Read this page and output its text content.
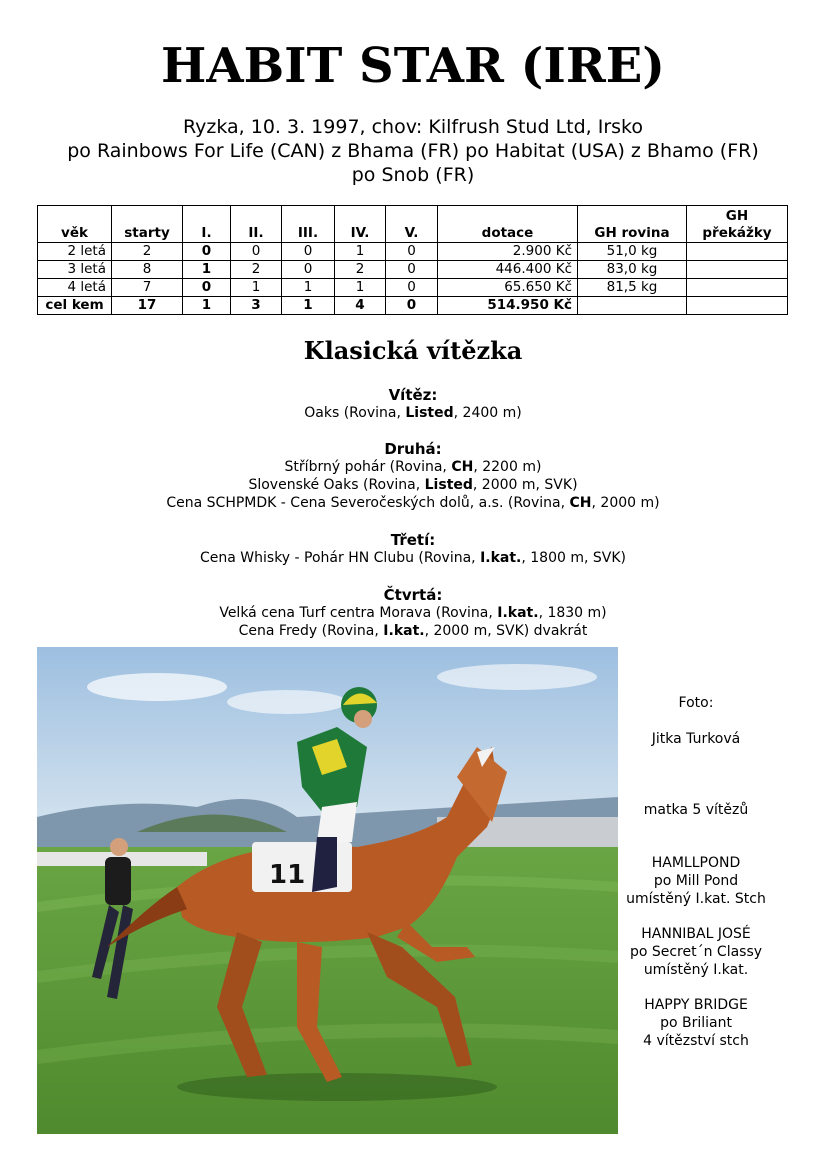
HABIT STAR (IRE)
Ryzka, 10. 3. 1997, chov: Kilfrush Stud Ltd, Irsko
po Rainbows For Life (CAN) z Bhama (FR) po Habitat (USA) z Bhamo (FR)
po Snob (FR)
věk	starty	I.	II.	III.	IV.	V.	dotace	GH rovina	GH překážky
2 letá	2	0	0	0	1	0	2.900 Kč	51,0 kg	
3 letá	8	1	2	0	2	0	446.400 Kč	83,0 kg	
4 letá	7	0	1	1	1	0	65.650 Kč	81,5 kg	
cel kem	17	1	3	1	4	0	514.950 Kč		
Klasická vítězka
Vítěz:
Oaks (Rovina, Listed, 2400 m)
Druhá:
Stříbrný pohár (Rovina, CH, 2200 m)
Slovenské Oaks (Rovina, Listed, 2000 m, SVK)
Cena SCHPMDK - Cena Severočeských dolů, a.s. (Rovina, CH, 2000 m)
Třetí:
Cena Whisky - Pohár HN Clubu (Rovina, I.kat., 1800 m, SVK)
Čtvrtá:
Velká cena Turf centra Morava (Rovina, I.kat., 1830 m)
Cena Fredy (Rovina, I.kat., 2000 m, SVK) dvakrát
11
Foto:
Jitka Turková
matka 5 vítězů
HAMLLPOND
po Mill Pond
umístěný I.kat. Stch
HANNIBAL JOSÉ
po Secret´n Classy
umístěný I.kat.
HAPPY BRIDGE
po Briliant
4 vítězství stch
